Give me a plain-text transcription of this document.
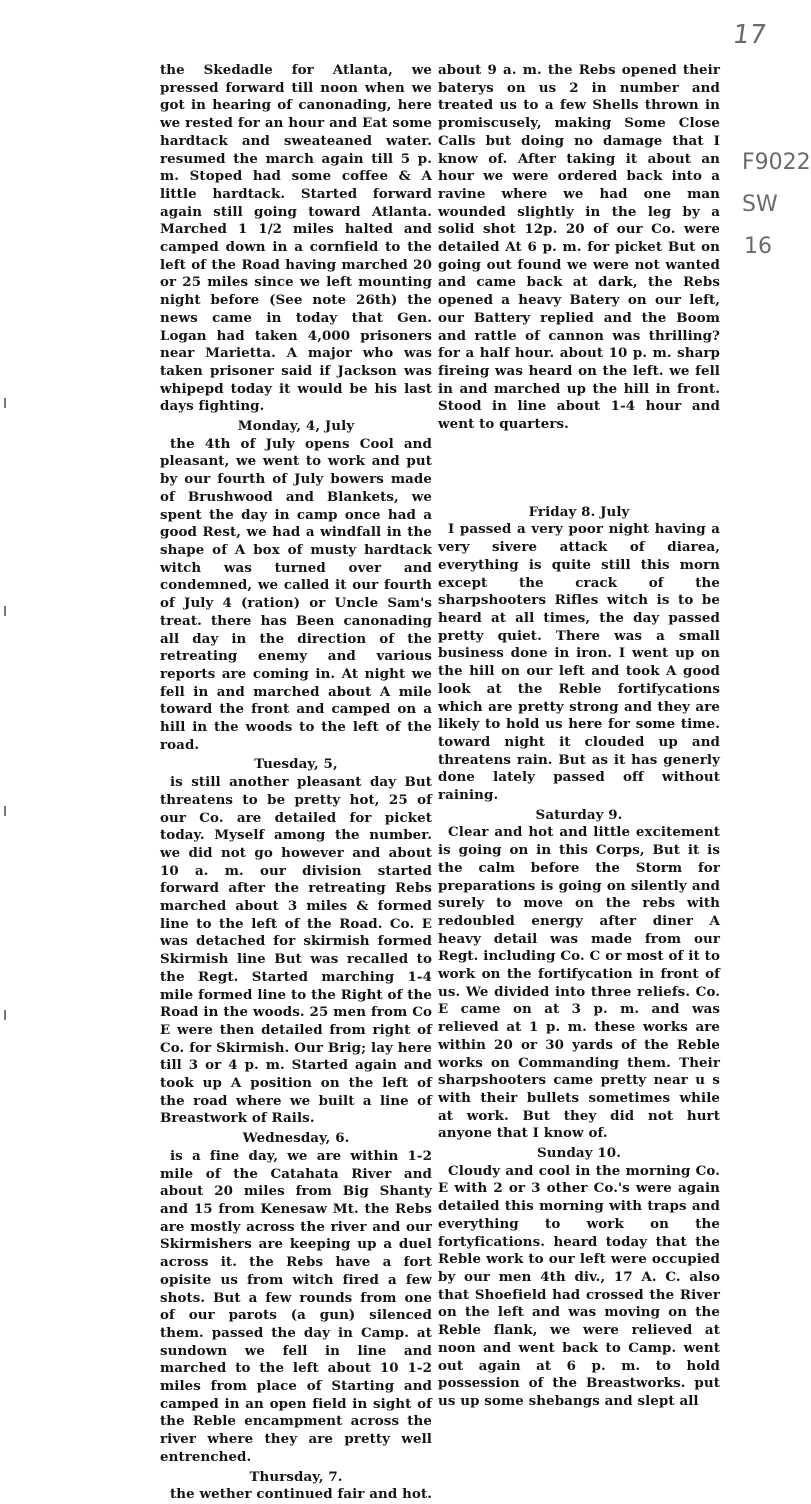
17
F9022
SW
16

the Skedadle for Atlanta, we pressed forward till noon when we got in hearing of canonading, here we rested for an hour and Eat some hardtack and sweateaned water. resumed the march again till 5 p. m. Stoped had some coffee & A little hardtack. Started forward again still going toward Atlanta. Marched 1 1/2 miles halted and camped down in a cornfield to the left of the Road having marched 20 or 25 miles since we left mounting night before (See note 26th) the news came in today that Gen. Logan had taken 4,000 prisoners near Marietta. A major who was taken prisoner said if Jackson was whipepd today it would be his last days fighting.

Monday, 4, July

the 4th of July opens Cool and pleasant, we went to work and put by our fourth of July bowers made of Brushwood and Blankets, we spent the day in camp once had a good Rest, we had a windfall in the shape of A box of musty hardtack witch was turned over and condemned, we called it our fourth of July 4 (ration) or Uncle Sam's treat. there has Been canonading all day in the direction of the retreating enemy and various reports are coming in. At night we fell in and marched about A mile toward the front and camped on a hill in the woods to the left of the road.

Tuesday, 5,

is still another pleasant day But threatens to be pretty hot, 25 of our Co. are detailed for picket today. Myself among the number. we did not go however and about 10 a. m. our division started forward after the retreating Rebs marched about 3 miles & formed line to the left of the Road. Co. E was detached for skirmish formed Skirmish line But was recalled to the Regt. Started marching 1-4 mile formed line to the Right of the Road in the woods. 25 men from Co E were then detailed from right of Co. for Skirmish. Our Brig; lay here till 3 or 4 p. m. Started again and took up A position on the left of the road where we built a line of Breastwork of Rails.

Wednesday, 6.

is a fine day, we are within 1-2 mile of the Catahata River and about 20 miles from Big Shanty and 15 from Kenesaw Mt. the Rebs are mostly across the river and our Skirmishers are keeping up a duel across it. the Rebs have a fort opisite us from witch fired a few shots. But a few rounds from one of our parots (a gun) silenced them. passed the day in Camp. at sundown we fell in line and marched to the left about 10 1-2 miles from place of Starting and camped in an open field in sight of the Reble encampment across the river where they are pretty well entrenched.

Thursday, 7.

the wether continued fair and hot.

about 9 a. m. the Rebs opened their baterys on us 2 in number and treated us to a few Shells thrown in promiscusely, making Some Close Calls but doing no damage that I know of. After taking it about an hour we were ordered back into a ravine where we had one man wounded slightly in the leg by a solid shot 12p. 20 of our Co. were detailed At 6 p. m. for picket But on going out found we were not wanted and came back at dark, the Rebs opened a heavy Batery on our left, our Battery replied and the Boom and rattle of cannon was thrilling? for a half hour. about 10 p. m. sharp fireing was heard on the left. we fell in and marched up the hill in front. Stood in line about 1-4 hour and went to quarters.

Friday 8. July

I passed a very poor night having a very sivere attack of diarea, everything is quite still this morn except the crack of the sharpshooters Rifles witch is to be heard at all times, the day passed pretty quiet. There was a small business done in iron. I went up on the hill on our left and took A good look at the Reble fortifycations which are pretty strong and they are likely to hold us here for some time. toward night it clouded up and threatens rain. But as it has generly done lately passed off without raining.

Saturday 9.

Clear and hot and little excitement is going on in this Corps, But it is the calm before the Storm for preparations is going on silently and surely to move on the rebs with redoubled energy after diner A heavy detail was made from our Regt. including Co. C or most of it to work on the fortifycation in front of us. We divided into three reliefs. Co. E came on at 3 p. m. and was relieved at 1 p. m. these works are within 20 or 30 yards of the Reble works on Commanding them. Their sharpshooters came pretty near u s with their bullets sometimes while at work. But they did not hurt anyone that I know of.

Sunday 10.

Cloudy and cool in the morning Co. E with 2 or 3 other Co.'s were again detailed this morning with traps and everything to work on the fortyfications. heard today that the Reble work to our left were occupied by our men 4th div., 17 A. C. also that Shoefield had crossed the River on the left and was moving on the Reble flank, we were relieved at noon and went back to Camp. went out again at 6 p. m. to hold possession of the Breastworks. put us up some shebangs and slept all
